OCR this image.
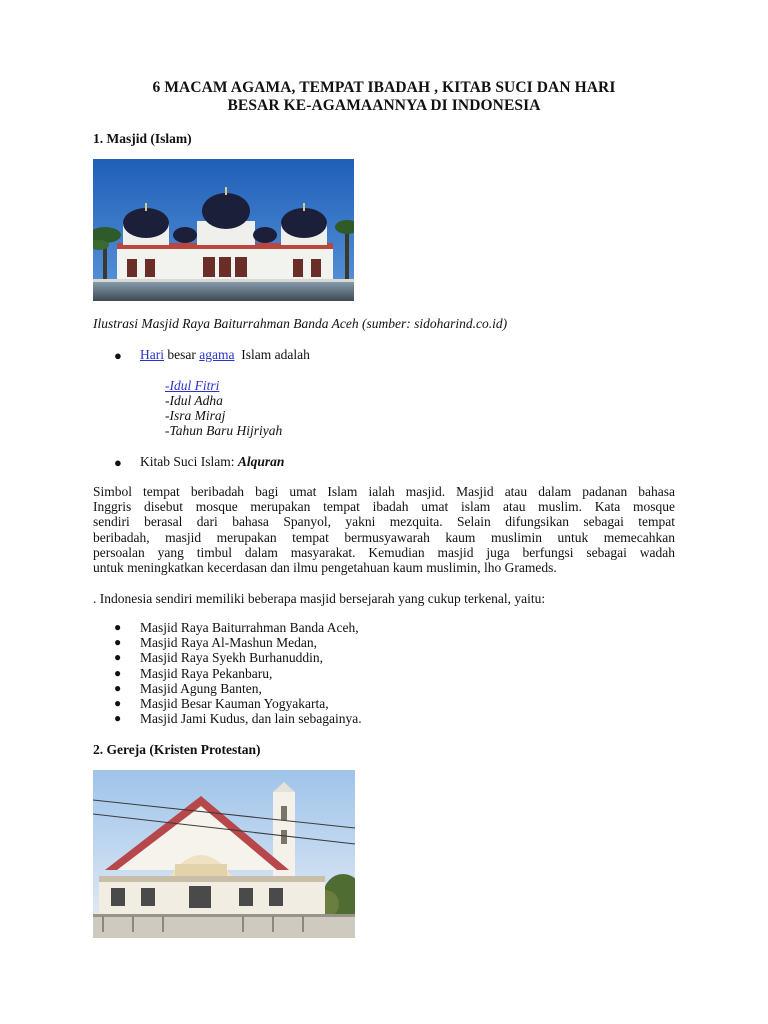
6 MACAM AGAMA, TEMPAT IBADAH , KITAB SUCI DAN HARI
BESAR KE-AGAMAANNYA DI INDONESIA
1. Masjid (Islam)
Ilustrasi Masjid Raya Baiturrahman Banda Aceh (sumber: sidoharind.co.id)
● Hari besar agama Islam adalah
-Idul Fitri
-Idul Adha
-Isra Miraj
-Tahun Baru Hijriyah
● Kitab Suci Islam: Alquran
Simbol tempat beribadah bagi umat Islam ialah masjid. Masjid atau dalam padanan bahasa
Inggris disebut mosque merupakan tempat ibadah umat islam atau muslim. Kata mosque
sendiri berasal dari bahasa Spanyol, yakni mezquita. Selain difungsikan sebagai tempat
beribadah, masjid merupakan tempat bermusyawarah kaum muslimin untuk memecahkan
persoalan yang timbul dalam masyarakat. Kemudian masjid juga berfungsi sebagai wadah
untuk meningkatkan kecerdasan dan ilmu pengetahuan kaum muslimin, lho Grameds.
. Indonesia sendiri memiliki beberapa masjid bersejarah yang cukup terkenal, yaitu:
● Masjid Raya Baiturrahman Banda Aceh,
● Masjid Raya Al-Mashun Medan,
● Masjid Raya Syekh Burhanuddin,
● Masjid Raya Pekanbaru,
● Masjid Agung Banten,
● Masjid Besar Kauman Yogyakarta,
● Masjid Jami Kudus, dan lain sebagainya.
2. Gereja (Kristen Protestan)
